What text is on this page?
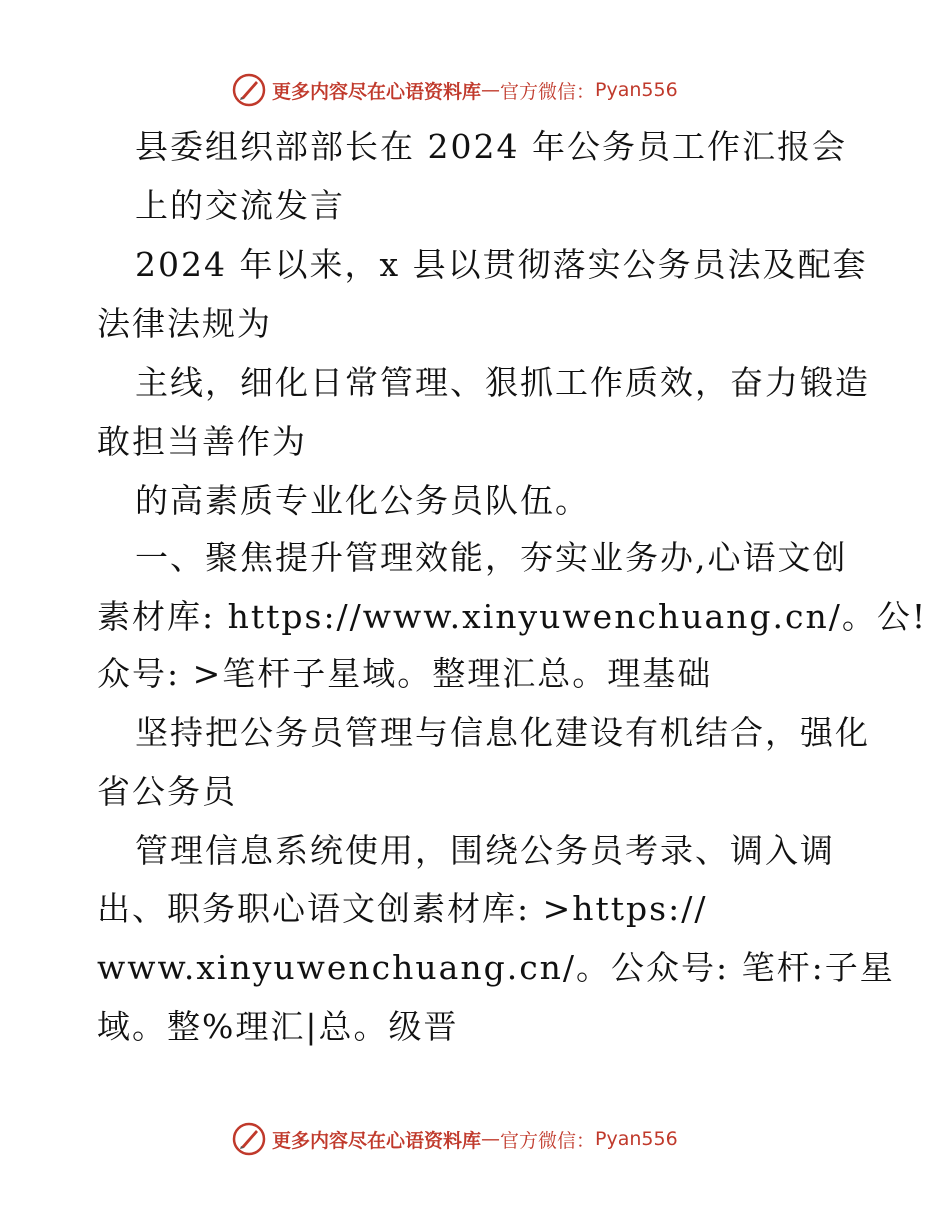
更多内容尽在心语资料库 — 官方微信： Pyan556
县委组织部部长在 2024 年公务员工作汇报会
上的交流发言
2024 年以来，x 县以贯彻落实公务员法及配套
法律法规为
主线，细化日常管理、狠抓工作质效，奋力锻造
敢担当善作为
的高素质专业化公务员队伍。
一、聚焦提升管理效能，夯实业务办,心语文创
素材库: https://www.xinyuwenchuang.cn/。公!
众号: >笔杆子星域。整理汇总。理基础
坚持把公务员管理与信息化建设有机结合，强化
省公务员
管理信息系统使用，围绕公务员考录、调入调
出、职务职心语文创素材库: >https://
www.xinyuwenchuang.cn/。公众号: 笔杆:子星
域。整%理汇|总。级晋
更多内容尽在心语资料库 — 官方微信： Pyan556
